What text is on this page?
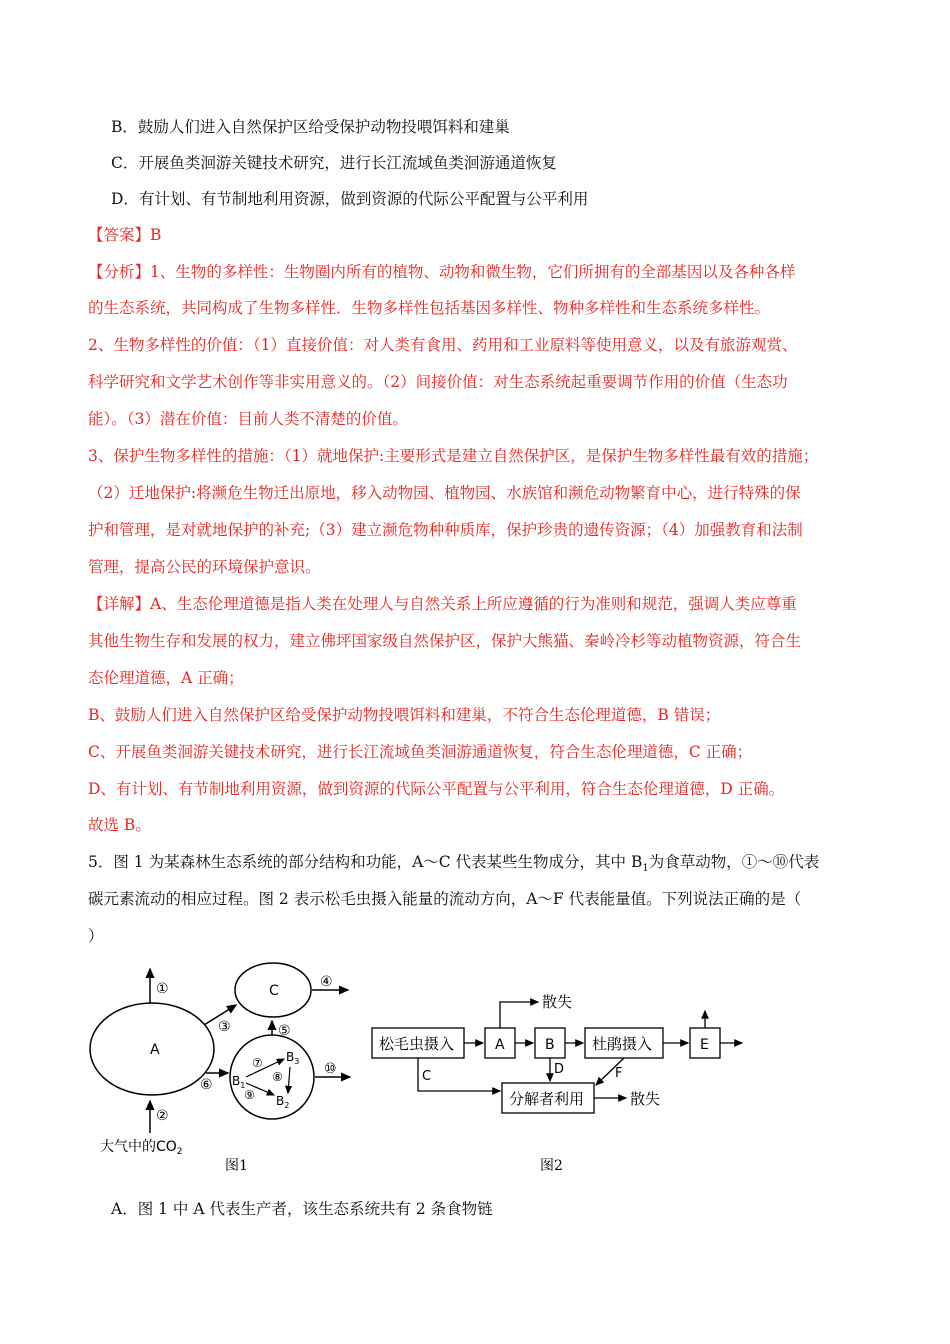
B．鼓励人们进入自然保护区给受保护动物投喂饵料和建巢
C．开展鱼类洄游关键技术研究，进行长江流域鱼类洄游通道恢复
D．有计划、有节制地利用资源，做到资源的代际公平配置与公平利用
【答案】B
【分析】1、生物的多样性：生物圈内所有的植物、动物和微生物，它们所拥有的全部基因以及各种各样
的生态系统，共同构成了生物多样性．生物多样性包括基因多样性、物种多样性和生态系统多样性。
2、生物多样性的价值：（1）直接价值：对人类有食用、药用和工业原料等使用意义，以及有旅游观赏、
科学研究和文学艺术创作等非实用意义的。（2）间接价值：对生态系统起重要调节作用的价值（生态功
能）。（3）潜在价值：目前人类不清楚的价值。
3、保护生物多样性的措施：（1）就地保护:主要形式是建立自然保护区，是保护生物多样性最有效的措施；
（2）迁地保护:将濒危生物迁出原地，移入动物园、植物园、水族馆和濒危动物繁育中心，进行特殊的保
护和管理，是对就地保护的补充;（3）建立濒危物种种质库，保护珍贵的遗传资源；（4）加强教育和法制
管理，提高公民的环境保护意识。
【详解】A、生态伦理道德是指人类在处理人与自然关系上所应遵循的行为准则和规范，强调人类应尊重
其他生物生存和发展的权力，建立佛坪国家级自然保护区，保护大熊猫、秦岭冷杉等动植物资源，符合生
态伦理道德，A 正确；
B、鼓励人们进入自然保护区给受保护动物投喂饵料和建巢，不符合生态伦理道德，B 错误；
C、开展鱼类洄游关键技术研究，进行长江流域鱼类洄游通道恢复，符合生态伦理道德，C 正确；
D、有计划、有节制地利用资源，做到资源的代际公平配置与公平利用，符合生态伦理道德，D 正确。
故选 B。
5．图 1 为某森林生态系统的部分结构和功能，A～C 代表某些生物成分，其中 $B_1$为食草动物，①～⑩代表
碳元素流动的相应过程。图 2 表示松毛虫摄入能量的流动方向，A～F 代表能量值。下列说法正确的是（
）
A
C
①
②
③
④
⑤
⑥
⑩
$B_1$
$B_3$
$B_2$
⑦
⑧
⑨
大气中的$CO_2$
图1
松毛虫摄入	A	B 杜鹃摄入	E
分解者利用
散失
C	D	F
散失
图2
A．图 1 中 A 代表生产者，该生态系统共有 2 条食物链
